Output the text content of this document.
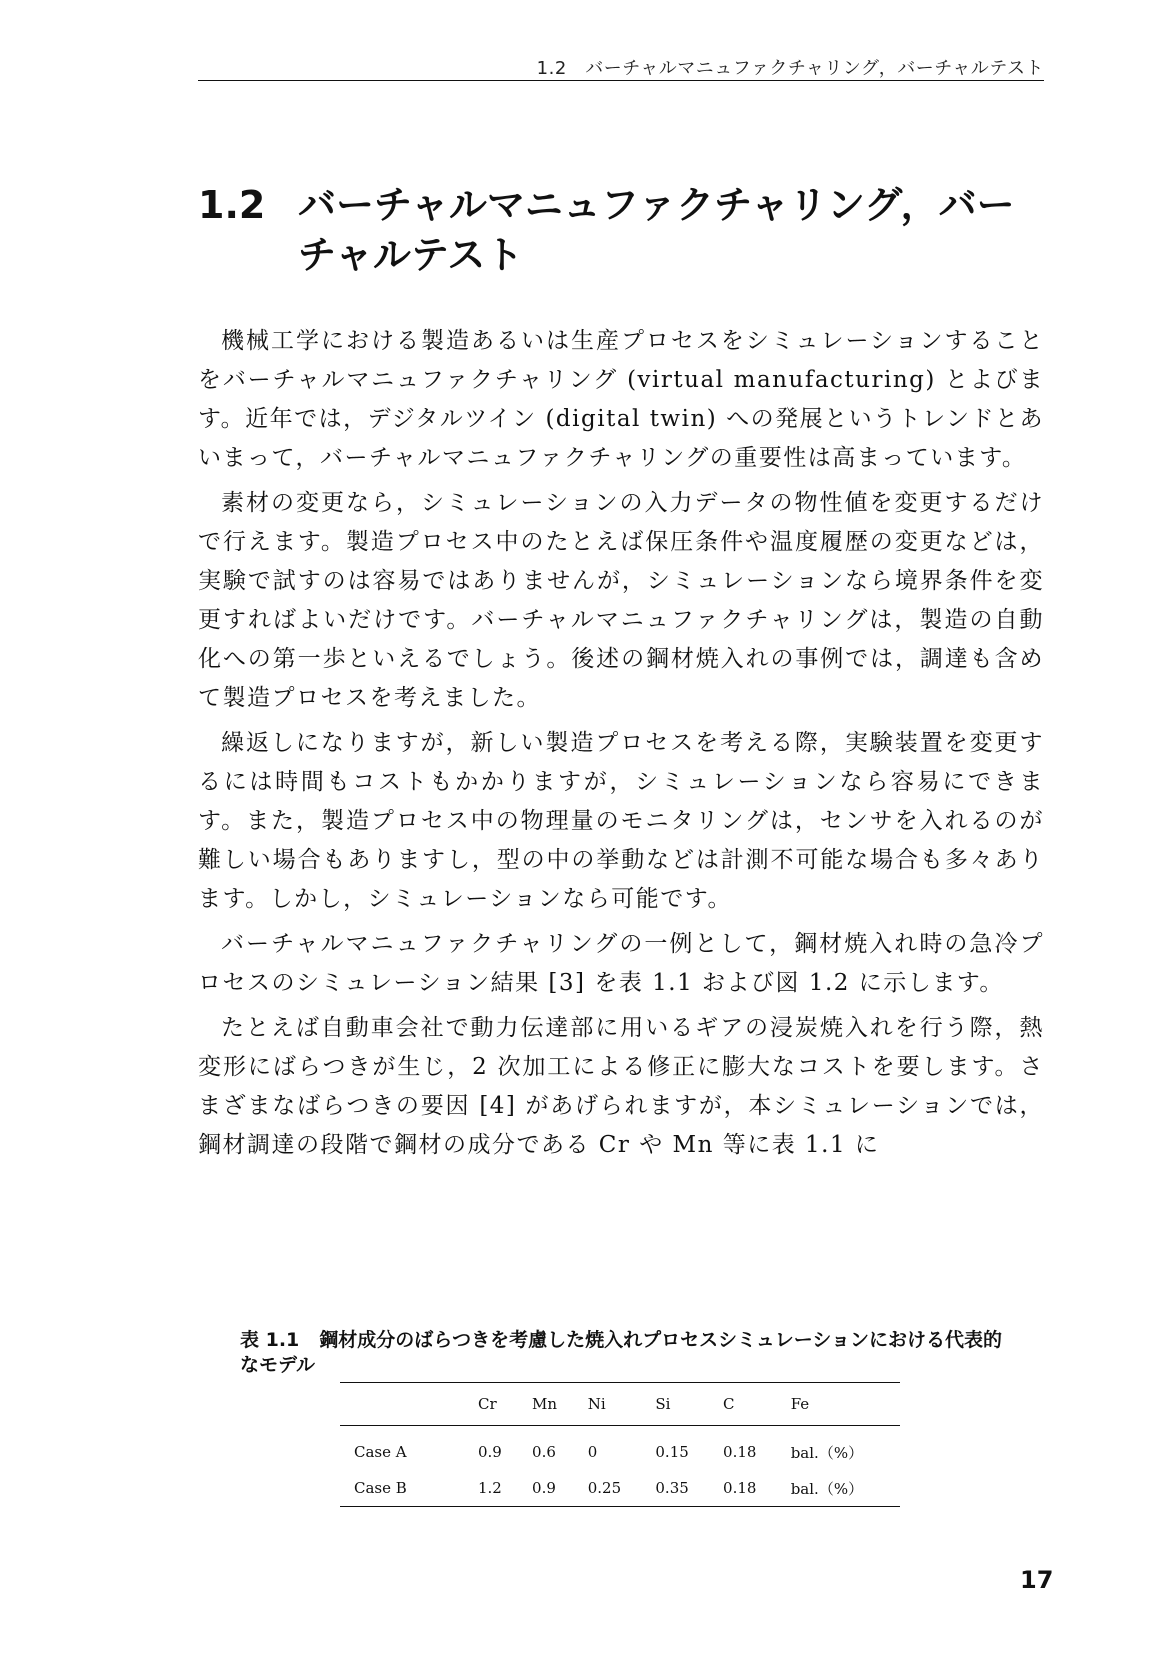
1.2　バーチャルマニュファクチャリング，バーチャルテスト
1.2 バーチャルマニュファクチャリング，バーチャルテスト

機械工学における製造あるいは生産プロセスをシミュレーションすることをバーチャルマニュファクチャリング (virtual manufacturing) とよびます。近年では，デジタルツイン (digital twin) への発展というトレンドとあいまって，バーチャルマニュファクチャリングの重要性は高まっています。

素材の変更なら，シミュレーションの入力データの物性値を変更するだけで行えます。製造プロセス中のたとえば保圧条件や温度履歴の変更などは，実験で試すのは容易ではありませんが，シミュレーションなら境界条件を変更すればよいだけです。バーチャルマニュファクチャリングは，製造の自動化への第一歩といえるでしょう。後述の鋼材焼入れの事例では，調達も含めて製造プロセスを考えました。

繰返しになりますが，新しい製造プロセスを考える際，実験装置を変更するには時間もコストもかかりますが，シミュレーションなら容易にできます。また，製造プロセス中の物理量のモニタリングは，センサを入れるのが難しい場合もありますし，型の中の挙動などは計測不可能な場合も多々あります。しかし，シミュレーションなら可能です。

バーチャルマニュファクチャリングの一例として，鋼材焼入れ時の急冷プロセスのシミュレーション結果 [3] を表 1.1 および図 1.2 に示します。

たとえば自動車会社で動力伝達部に用いるギアの浸炭焼入れを行う際，熱変形にばらつきが生じ，2 次加工による修正に膨大なコストを要します。さまざまなばらつきの要因 [4] があげられますが，本シミュレーションでは，鋼材調達の段階で鋼材の成分である Cr や Mn 等に表 1.1 に

表 1.1 鋼材成分のばらつきを考慮した焼入れプロセスシミュレーションにおける代表的なモデル
	Cr	Mn	Ni	Si	C	Fe
Case A	0.9	0.6	0	0.15	0.18	bal.（%）
Case B	1.2	0.9	0.25	0.35	0.18	bal.（%）
17
